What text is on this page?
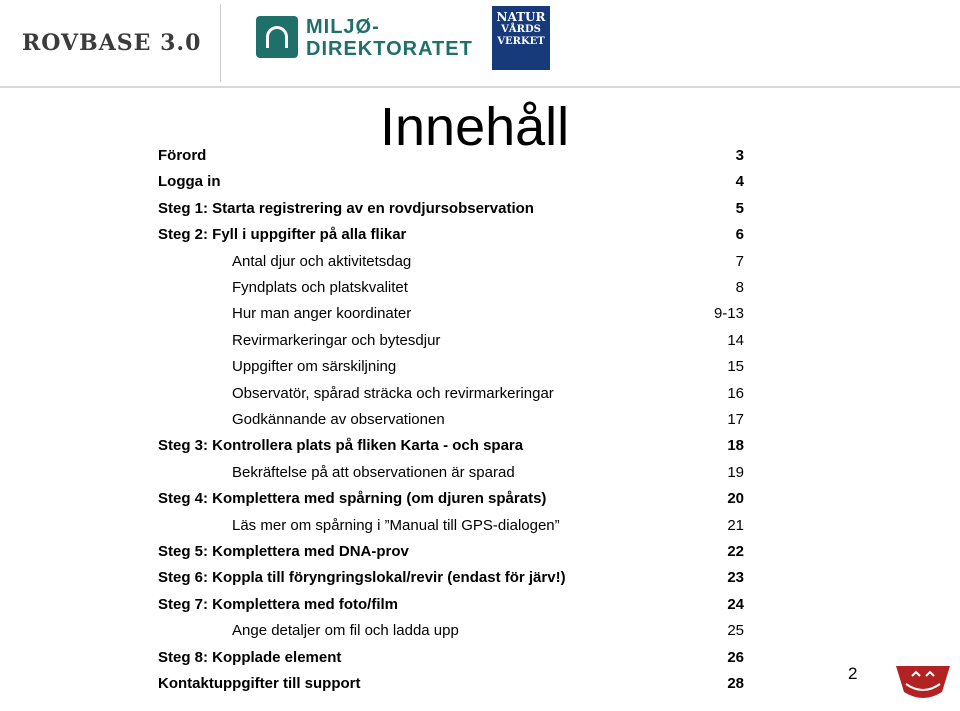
ROVBASE 3.0
MILJØ-
DIREKTORATET
NATUR
VÅRDS
VERKET
Innehåll
Förord	3
Logga in	4
Steg 1: Starta registrering av en rovdjursobservation	5
Steg 2: Fyll i uppgifter på alla flikar	6
Antal djur och aktivitetsdag	7
Fyndplats och platskvalitet	8
Hur man anger koordinater	9-13
Revirmarkeringar och bytesdjur	14
Uppgifter om särskiljning	15
Observatör, spårad sträcka och revirmarkeringar	16
Godkännande av observationen	17
Steg 3: Kontrollera plats på fliken Karta - och spara	18
Bekräftelse på att observationen är sparad	19
Steg 4: Komplettera med spårning (om djuren spårats)	20
Läs mer om spårning i ”Manual till GPS-dialogen”	21
Steg 5: Komplettera med DNA-prov	22
Steg 6: Koppla till föryngringslokal/revir (endast för järv!)	23
Steg 7: Komplettera med foto/film	24
Ange detaljer om fil och ladda upp	25
Steg 8: Kopplade element	26
Kontaktuppgifter till support	28
2
